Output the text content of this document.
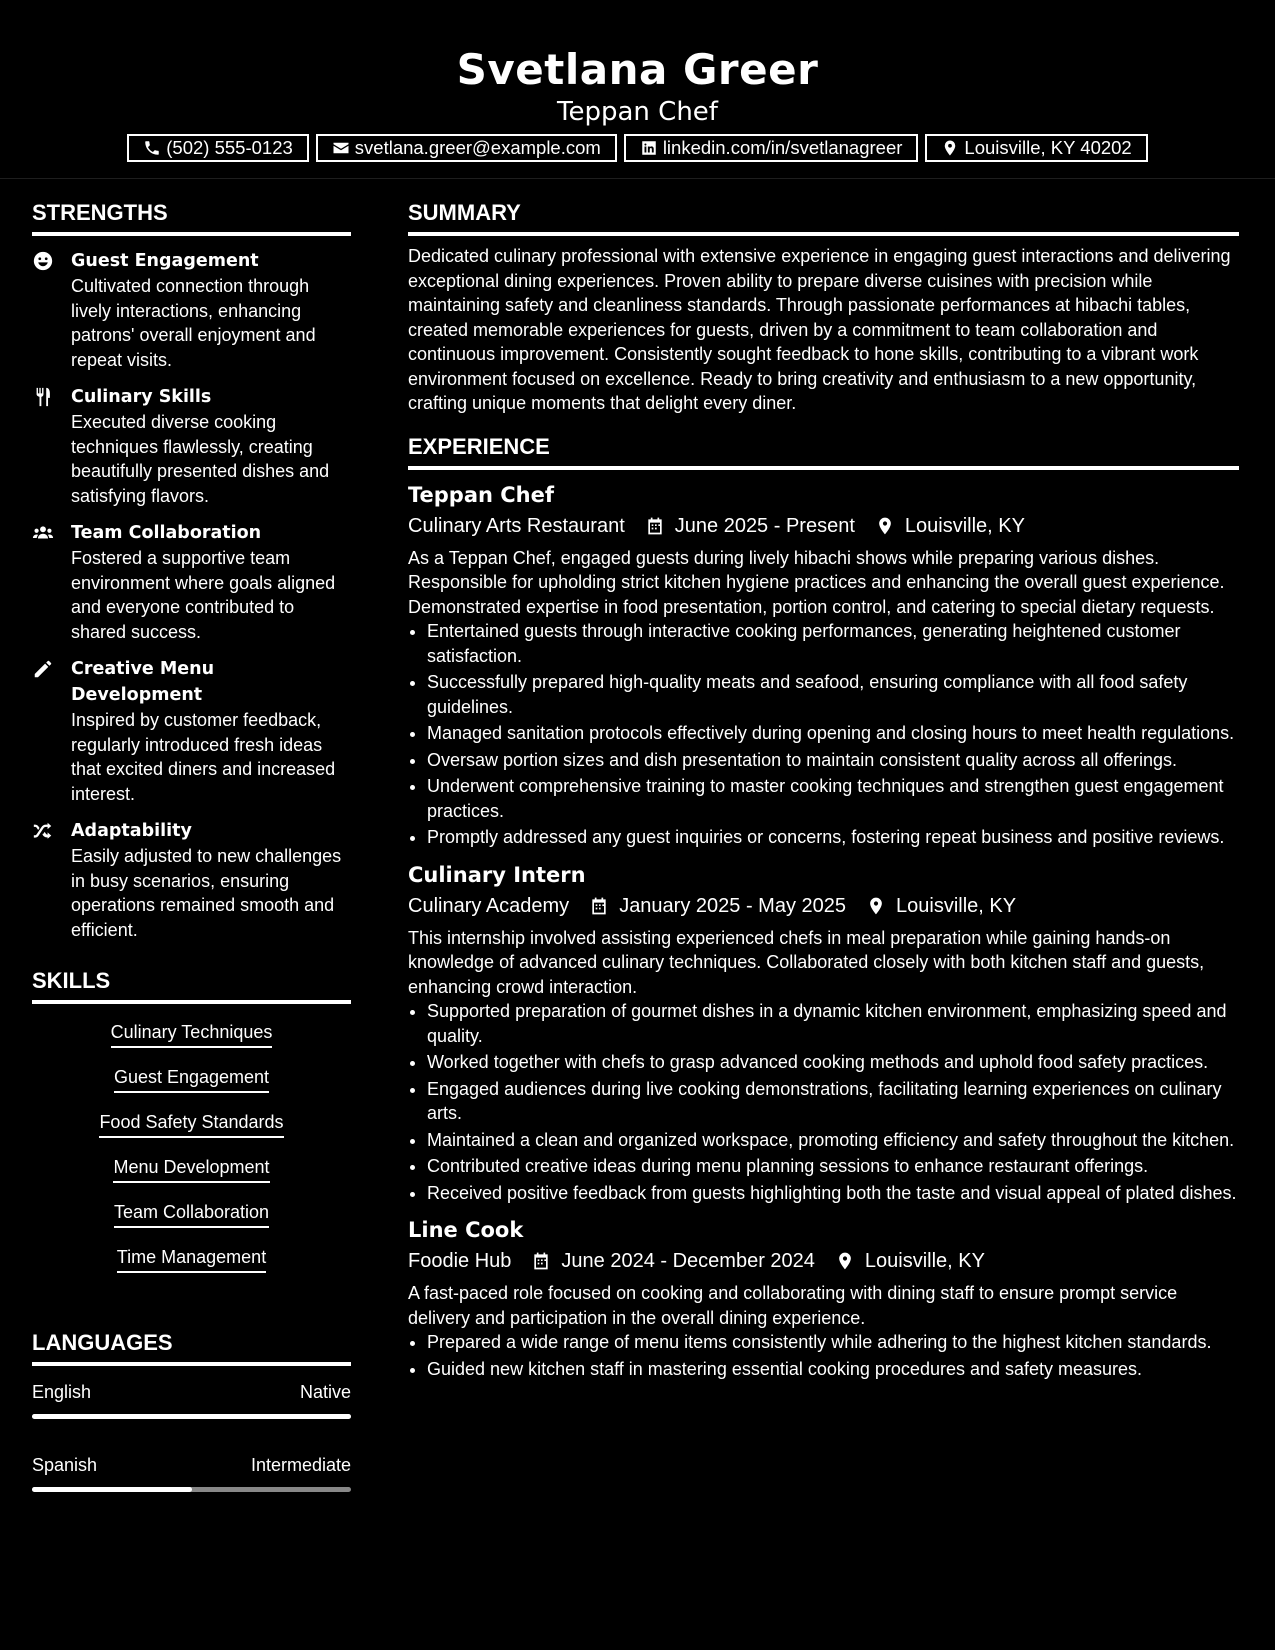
Svetlana Greer
Teppan Chef
(502) 555-0123	svetlana.greer@example.com	linkedin.com/in/svetlanagreer	Louisville, KY 40202
STRENGTHS
Guest Engagement
Cultivated connection through lively interactions, enhancing patrons' overall enjoyment and repeat visits.
Culinary Skills
Executed diverse cooking techniques flawlessly, creating beautifully presented dishes and satisfying flavors.
Team Collaboration
Fostered a supportive team environment where goals aligned and everyone contributed to shared success.
Creative Menu Development
Inspired by customer feedback, regularly introduced fresh ideas that excited diners and increased interest.
Adaptability
Easily adjusted to new challenges in busy scenarios, ensuring operations remained smooth and efficient.
SKILLS
Culinary Techniques
Guest Engagement
Food Safety Standards
Menu Development
Team Collaboration
Time Management
LANGUAGES
English	Native
Spanish	Intermediate
SUMMARY
Dedicated culinary professional with extensive experience in engaging guest interactions and delivering exceptional dining experiences. Proven ability to prepare diverse cuisines with precision while maintaining safety and cleanliness standards. Through passionate performances at hibachi tables, created memorable experiences for guests, driven by a commitment to team collaboration and continuous improvement. Consistently sought feedback to hone skills, contributing to a vibrant work environment focused on excellence. Ready to bring creativity and enthusiasm to a new opportunity, crafting unique moments that delight every diner.
EXPERIENCE
Teppan Chef
Culinary Arts Restaurant	June 2025 - Present	Louisville, KY
As a Teppan Chef, engaged guests during lively hibachi shows while preparing various dishes. Responsible for upholding strict kitchen hygiene practices and enhancing the overall guest experience. Demonstrated expertise in food presentation, portion control, and catering to special dietary requests.
• Entertained guests through interactive cooking performances, generating heightened customer satisfaction.
• Successfully prepared high-quality meats and seafood, ensuring compliance with all food safety guidelines.
• Managed sanitation protocols effectively during opening and closing hours to meet health regulations.
• Oversaw portion sizes and dish presentation to maintain consistent quality across all offerings.
• Underwent comprehensive training to master cooking techniques and strengthen guest engagement practices.
• Promptly addressed any guest inquiries or concerns, fostering repeat business and positive reviews.
Culinary Intern
Culinary Academy	January 2025 - May 2025	Louisville, KY
This internship involved assisting experienced chefs in meal preparation while gaining hands-on knowledge of advanced culinary techniques. Collaborated closely with both kitchen staff and guests, enhancing crowd interaction.
• Supported preparation of gourmet dishes in a dynamic kitchen environment, emphasizing speed and quality.
• Worked together with chefs to grasp advanced cooking methods and uphold food safety practices.
• Engaged audiences during live cooking demonstrations, facilitating learning experiences on culinary arts.
• Maintained a clean and organized workspace, promoting efficiency and safety throughout the kitchen.
• Contributed creative ideas during menu planning sessions to enhance restaurant offerings.
• Received positive feedback from guests highlighting both the taste and visual appeal of plated dishes.
Line Cook
Foodie Hub	June 2024 - December 2024	Louisville, KY
A fast-paced role focused on cooking and collaborating with dining staff to ensure prompt service delivery and participation in the overall dining experience.
• Prepared a wide range of menu items consistently while adhering to the highest kitchen standards.
• Guided new kitchen staff in mastering essential cooking procedures and safety measures.
